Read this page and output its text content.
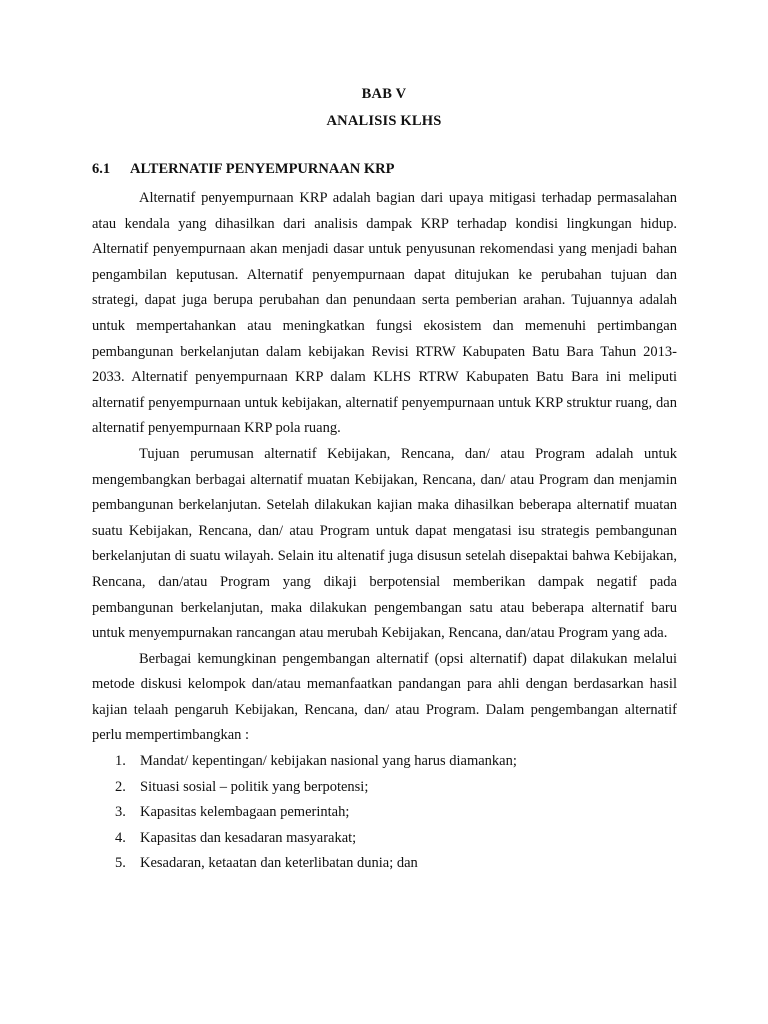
BAB V
ANALISIS KLHS
6.1 ALTERNATIF PENYEMPURNAAN KRP

Alternatif penyempurnaan KRP adalah bagian dari upaya mitigasi terhadap permasalahan atau kendala yang dihasilkan dari analisis dampak KRP terhadap kondisi lingkungan hidup. Alternatif penyempurnaan akan menjadi dasar untuk penyusunan rekomendasi yang menjadi bahan pengambilan keputusan. Alternatif penyempurnaan dapat ditujukan ke perubahan tujuan dan strategi, dapat juga berupa perubahan dan penundaan serta pemberian arahan. Tujuannya adalah untuk mempertahankan atau meningkatkan fungsi ekosistem dan memenuhi pertimbangan pembangunan berkelanjutan dalam kebijakan Revisi RTRW Kabupaten Batu Bara Tahun 2013-2033. Alternatif penyempurnaan KRP dalam KLHS RTRW Kabupaten Batu Bara ini meliputi alternatif penyempurnaan untuk kebijakan, alternatif penyempurnaan untuk KRP struktur ruang, dan alternatif penyempurnaan KRP pola ruang.

Tujuan perumusan alternatif Kebijakan, Rencana, dan/ atau Program adalah untuk mengembangkan berbagai alternatif muatan Kebijakan, Rencana, dan/ atau Program dan menjamin pembangunan berkelanjutan. Setelah dilakukan kajian maka dihasilkan beberapa alternatif muatan suatu Kebijakan, Rencana, dan/ atau Program untuk dapat mengatasi isu strategis pembangunan berkelanjutan di suatu wilayah. Selain itu altenatif juga disusun setelah disepaktai bahwa Kebijakan, Rencana, dan/atau Program yang dikaji berpotensial memberikan dampak negatif pada pembangunan berkelanjutan, maka dilakukan pengembangan satu atau beberapa alternatif baru untuk menyempurnakan rancangan atau merubah Kebijakan, Rencana, dan/atau Program yang ada.

Berbagai kemungkinan pengembangan alternatif (opsi alternatif) dapat dilakukan melalui metode diskusi kelompok dan/atau memanfaatkan pandangan para ahli dengan berdasarkan hasil kajian telaah pengaruh Kebijakan, Rencana, dan/ atau Program. Dalam pengembangan alternatif perlu mempertimbangkan :

1. Mandat/ kepentingan/ kebijakan nasional yang harus diamankan;
2. Situasi sosial – politik yang berpotensi;
3. Kapasitas kelembagaan pemerintah;
4. Kapasitas dan kesadaran masyarakat;
5. Kesadaran, ketaatan dan keterlibatan dunia; dan
